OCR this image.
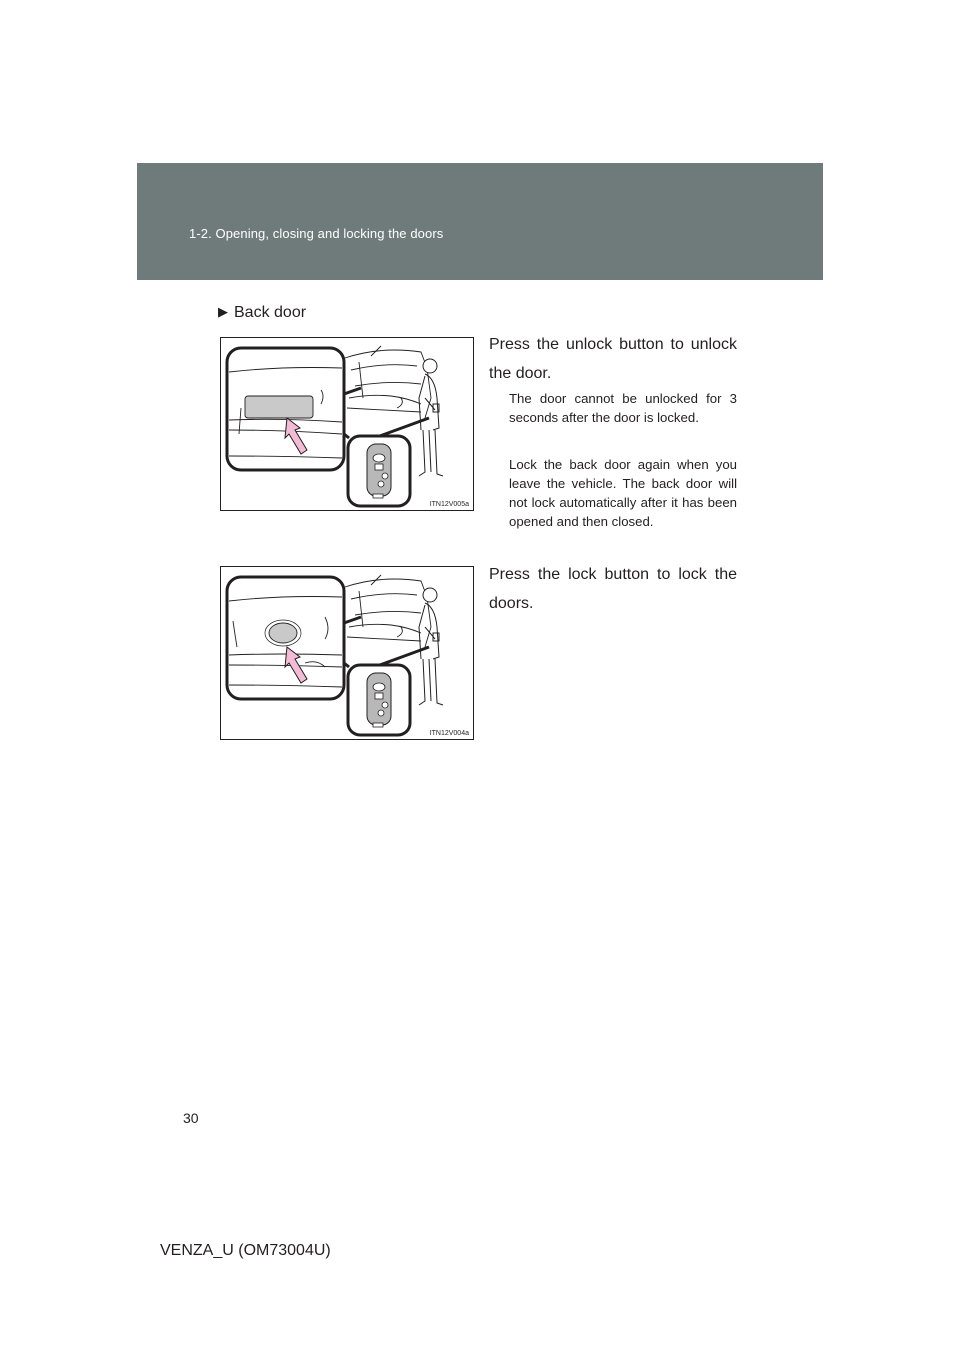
1-2. Opening, closing and locking the doors
▶ Back door
ITN12V005a
ITN12V004a
Press the unlock button to unlock the door.
The door cannot be unlocked for 3 seconds after the door is locked.
Lock the back door again when you leave the vehicle. The back door will not lock automatically after it has been opened and then closed.
Press the lock button to lock the doors.
30
VENZA_U (OM73004U)
